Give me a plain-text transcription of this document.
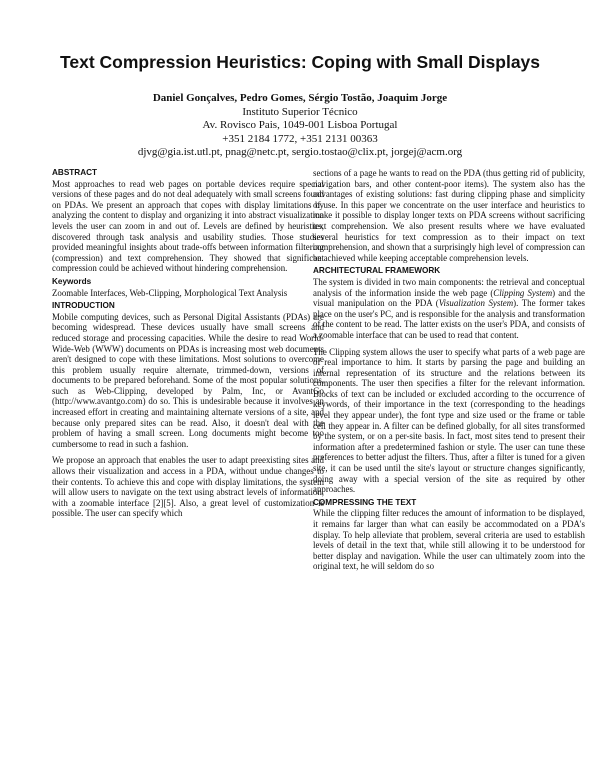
Text Compression Heuristics: Coping with Small Displays
Daniel Gonçalves, Pedro Gomes, Sérgio Tostão, Joaquim Jorge
Instituto Superior Técnico
Av. Rovisco Pais, 1049-001 Lisboa Portugal
+351 2184 1772, +351 2131 00363
djvg@gia.ist.utl.pt, pnag@netc.pt, sergio.tostao@clix.pt, jorgej@acm.org
ABSTRACT

Most approaches to read web pages on portable devices require special versions of these pages and do not deal adequately with small screens found on PDAs. We present an approach that copes with display limitations by analyzing the content to display and organizing it into abstract visualization levels the user can zoom in and out of. Levels are defined by heuristics, discovered through task analysis and usability studies. Those studies provided meaningful insights about trade-offs between information filtering (compression) and text comprehension. They showed that significant compression could be achieved without hindering comprehension.

Keywords

Zoomable Interfaces, Web-Clipping, Morphological Text Analysis

INTRODUCTION

Mobile computing devices, such as Personal Digital Assistants (PDAs) are becoming widespread. These devices usually have small screens and reduced storage and processing capacities. While the desire to read World-Wide-Web (WWW) documents on PDAs is increasing most web documents aren't designed to cope with these limitations. Most solutions to overcome this problem usually require alternate, trimmed-down, versions of documents to be prepared beforehand. Some of the most popular solutions, such as Web-Clipping, developed by Palm, Inc, or AvantGo (http://www.avantgo.com) do so. This is undesirable because it involves an increased effort in creating and maintaining alternate versions of a site, and because only prepared sites can be read. Also, it doesn't deal with the problem of having a small screen. Long documents might become too cumbersome to read in such a fashion.

We propose an approach that enables the user to adapt preexisting sites and allows their visualization and access in a PDA, without undue changes to their contents. To achieve this and cope with display limitations, the system will allow users to navigate on the text using abstract levels of information, with a zoomable interface [2][5]. Also, a great level of customization is possible. The user can specify which

sections of a page he wants to read on the PDA (thus getting rid of publicity, navigation bars, and other content-poor items). The system also has the advantages of existing solutions: fast during clipping phase and simplicity of use. In this paper we concentrate on the user interface and heuristics to make it possible to display longer texts on PDA screens without sacrificing text comprehension. We also present results where we have evaluated several heuristics for text compression as to their impact on text comprehension, and shown that a surprisingly high level of compression can be achieved while keeping acceptable comprehension levels.

ARCHITECTURAL FRAMEWORK

The system is divided in two main components: the retrieval and conceptual analysis of the information inside the web page (Clipping System) and the visual manipulation on the PDA (Visualization System). The former takes place on the user's PC, and is responsible for the analysis and transformation of the content to be read. The latter exists on the user's PDA, and consists of a zoomable interface that can be used to read that content.

The Clipping system allows the user to specify what parts of a web page are of real importance to him. It starts by parsing the page and building an internal representation of its structure and the relations between its components. The user then specifies a filter for the relevant information. Blocks of text can be included or excluded according to the occurrence of keywords, of their importance in the text (corresponding to the headings level they appear under), the font type and size used or the frame or table cell they appear in. A filter can be defined globally, for all sites transformed by the system, or on a per-site basis. In fact, most sites tend to present their information after a predetermined fashion or style. The user can tune these preferences to better adjust the filters. Thus, after a filter is tuned for a given site, it can be used until the site's layout or structure changes significantly, doing away with a special version of the site as required by other approaches.

COMPRESSING THE TEXT

While the clipping filter reduces the amount of information to be displayed, it remains far larger than what can easily be accommodated on a PDA's display. To help alleviate that problem, several criteria are used to establish levels of detail in the text that, while still allowing it to be understood for better display and navigation. While the user can ultimately zoom into the original text, he will seldom do so
